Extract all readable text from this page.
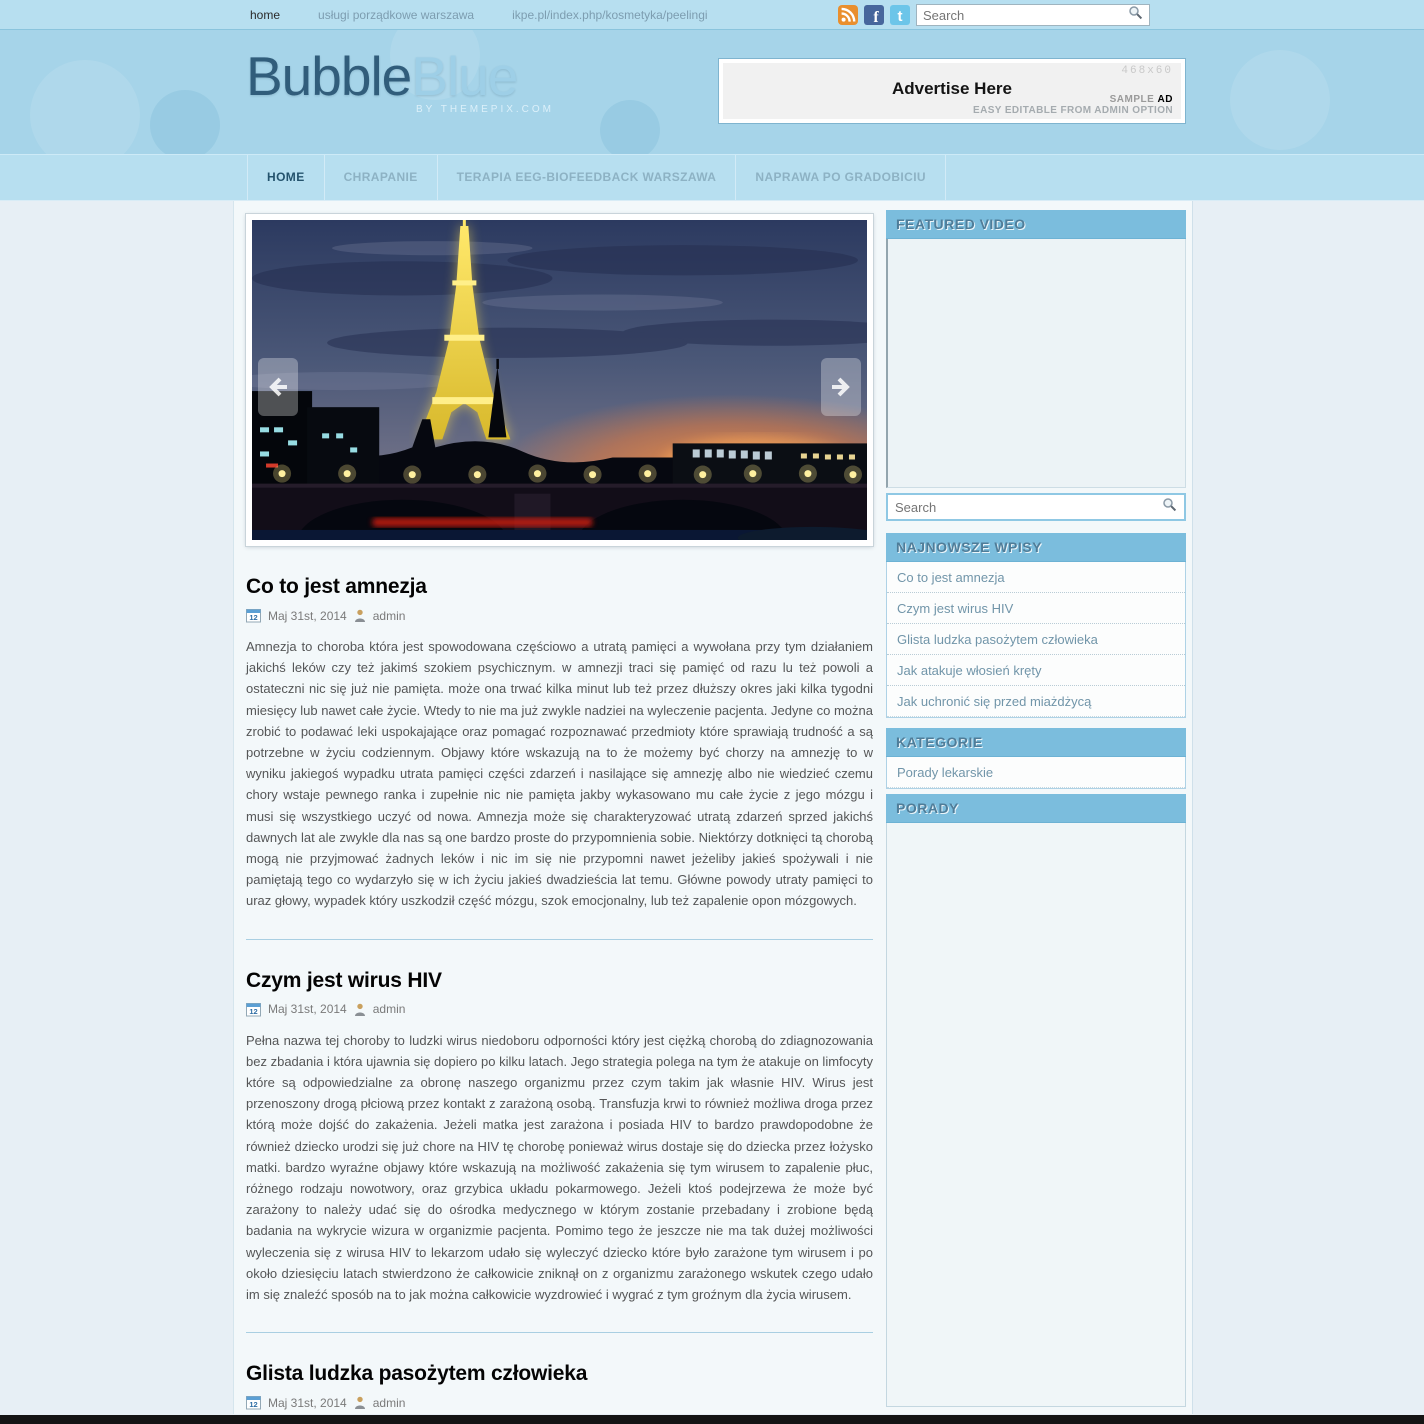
home	usługi porządkowe warszawa	ikpe.pl/index.php/kosmetyka/peelingi	f t
Search
BubbleBlue
BY THEMEPIX.COM
468x60
Advertise Here
SAMPLE AD
EASY EDITABLE FROM ADMIN OPTION
HOME	CHRAPANIE	TERAPIA EEG-BIOFEEDBACK WARSZAWA	NAPRAWA PO GRADOBICIU
Co to jest amnezja
12 Maj 31st, 2014 admin

Amnezja to choroba która jest spowodowana częściowo a utratą pamięci a wywołana przy tym działaniem jakichś leków czy też jakimś szokiem psychicznym. w amnezji traci się pamięć od razu lu też powoli a ostateczni nic się już nie pamięta. może ona trwać kilka minut lub też przez dłuższy okres jaki kilka tygodni miesięcy lub nawet całe życie. Wtedy to nie ma już zwykle nadziei na wyleczenie pacjenta. Jedyne co można zrobić to podawać leki uspokajające oraz pomagać rozpoznawać przedmioty które sprawiają trudność a są potrzebne w życiu codziennym. Objawy które wskazują na to że możemy być chorzy na amnezję to w wyniku jakiegoś wypadku utrata pamięci części zdarzeń i nasilające się amnezję albo nie wiedzieć czemu chory wstaje pewnego ranka i zupełnie nic nie pamięta jakby wykasowano mu całe życie z jego mózgu i musi się wszystkiego uczyć od nowa. Amnezja może się charakteryzować utratą zdarzeń sprzed jakichś dawnych lat ale zwykle dla nas są one bardzo proste do przypomnienia sobie. Niektórzy dotknięci tą chorobą mogą nie przyjmować żadnych leków i nic im się nie przypomni nawet jeżeliby jakieś spożywali i nie pamiętają tego co wydarzyło się w ich życiu jakieś dwadzieścia lat temu. Główne powody utraty pamięci to uraz głowy, wypadek który uszkodził część mózgu, szok emocjonalny, lub też zapalenie opon mózgowych.

Czym jest wirus HIV
12 Maj 31st, 2014 admin

Pełna nazwa tej choroby to ludzki wirus niedoboru odporności który jest ciężką chorobą do zdiagnozowania bez zbadania i która ujawnia się dopiero po kilku latach. Jego strategia polega na tym że atakuje on limfocyty które są odpowiedzialne za obronę naszego organizmu przez czym takim jak własnie HIV. Wirus jest przenoszony drogą płciową przez kontakt z zarażoną osobą. Transfuzja krwi to również możliwa droga przez którą może dojść do zakażenia. Jeżeli matka jest zarażona i posiada HIV to bardzo prawdopodobne że również dziecko urodzi się już chore na HIV tę chorobę ponieważ wirus dostaje się do dziecka przez łożysko matki. bardzo wyraźne objawy które wskazują na możliwość zakażenia się tym wirusem to zapalenie płuc, różnego rodzaju nowotwory, oraz grzybica układu pokarmowego. Jeżeli ktoś podejrzewa że może być zarażony to należy udać się do ośrodka medycznego w którym zostanie przebadany i zrobione będą badania na wykrycie wizura w organizmie pacjenta. Pomimo tego że jeszcze nie ma tak dużej możliwości wyleczenia się z wirusa HIV to lekarzom udało się wyleczyć dziecko które było zarażone tym wirusem i po około dziesięciu latach stwierdzono że całkowicie zniknął on z organizmu zarażonego wskutek czego udało im się znaleźć sposób na to jak można całkowicie wyzdrowieć i wygrać z tym groźnym dla życia wirusem.

Glista ludzka pasożytem człowieka
12 Maj 31st, 2014 admin
FEATURED VIDEO
Search
NAJNOWSZE WPISY
Co to jest amnezja
Czym jest wirus HIV
Glista ludzka pasożytem człowieka
Jak atakuje włosień kręty
Jak uchronić się przed miażdżycą
KATEGORIE
Porady lekarskie
PORADY
